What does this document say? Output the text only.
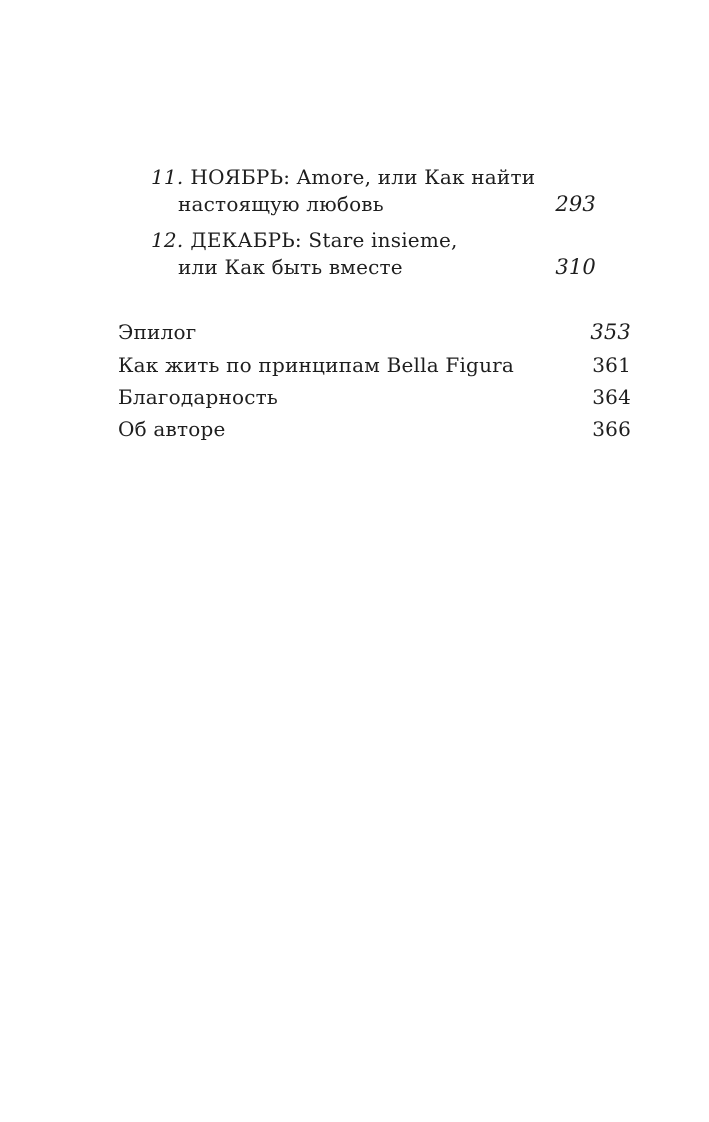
11. НОЯБРЬ: Amore, или Как найти
настоящую любовь	293
12. ДЕКАБРЬ: Stare insieme,
или Как быть вместе	310
Эпилог	353
Как жить по принципам Bella Figura	361
Благодарность	364
Об авторе	366
